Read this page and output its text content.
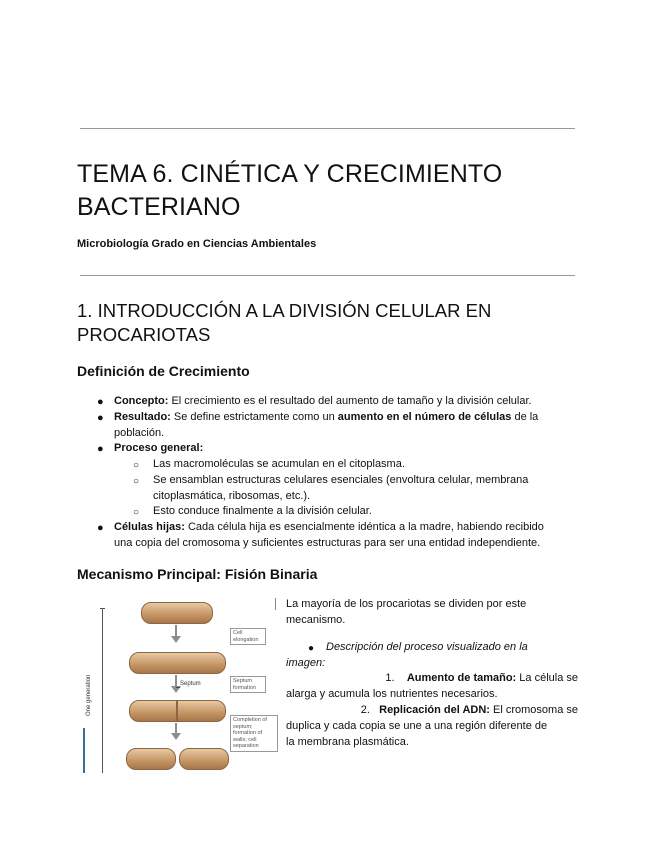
TEMA 6. CINÉTICA Y CRECIMIENTO
BACTERIANO
Microbiología Grado en Ciencias Ambientales
1. INTRODUCCIÓN A LA DIVISIÓN CELULAR EN
PROCARIOTAS
Definición de Crecimiento
● Concepto: El crecimiento es el resultado del aumento de tamaño y la división celular.
● Resultado: Se define estrictamente como un aumento en el número de células de la
población.
● Proceso general:
○ Las macromoléculas se acumulan en el citoplasma.
○ Se ensamblan estructuras celulares esenciales (envoltura celular, membrana
citoplasmática, ribosomas, etc.).
○ Esto conduce finalmente a la división celular.
● Células hijas: Cada célula hija es esencialmente idéntica a la madre, habiendo recibido
una copia del cromosoma y suficientes estructuras para ser una entidad independiente.
Mecanismo Principal: Fisión Binaria
One generation	Septum
Cell elongation
Septum formation
Completion of septum; formation of walls; cell separation
La mayoría de los procariotas se dividen por este
mecanismo.
● Descripción del proceso visualizado en la
imagen:
1. Aumento de tamaño: La célula se
alarga y acumula los nutrientes necesarios.
2. Replicación del ADN: El cromosoma se
duplica y cada copia se une a una región diferente de
la membrana plasmática.
